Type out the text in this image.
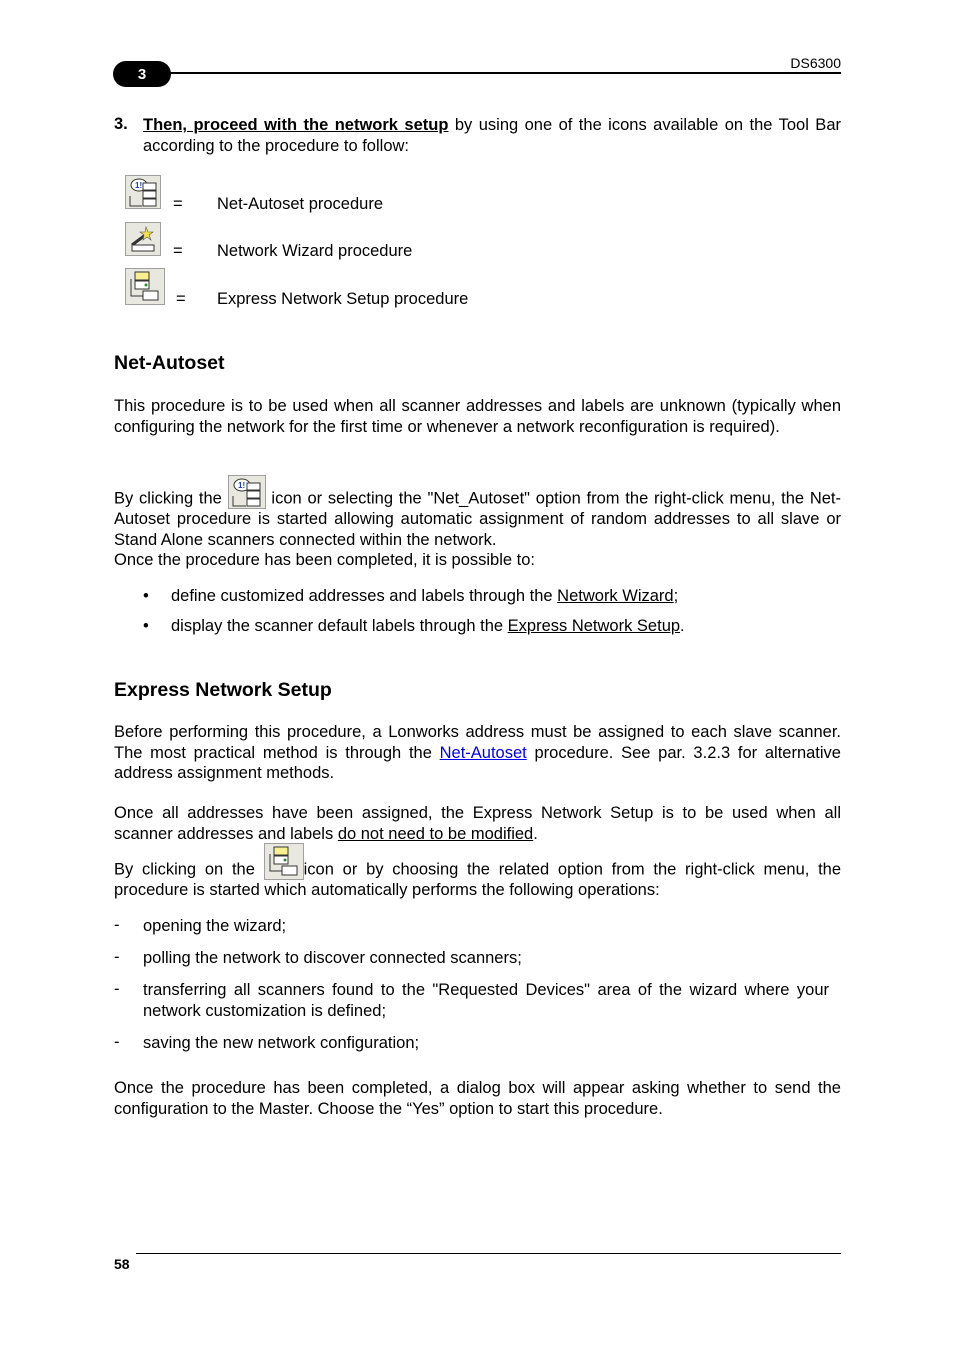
3
DS6300
3. Then, proceed with the network setup by using one of the icons available on the Tool Bar according to the procedure to follow:
1!
= Net-Autoset procedure
= Network Wizard procedure
= Express Network Setup procedure
Net-Autoset
This procedure is to be used when all scanner addresses and labels are unknown (typically when configuring the network for the first time or whenever a network reconfiguration is required).
By clicking the
1!
icon or selecting the "Net_Autoset" option from the right-click menu, the Net-Autoset procedure is started allowing automatic assignment of random addresses to all slave or Stand Alone scanners connected within the network.
Once the procedure has been completed, it is possible to:
• define customized addresses and labels through the Network Wizard;
• display the scanner default labels through the Express Network Setup.
Express Network Setup
Before performing this procedure, a Lonworks address must be assigned to each slave scanner. The most practical method is through the Net-Autoset procedure. See par. 3.2.3 for alternative address assignment methods.
Once all addresses have been assigned, the Express Network Setup is to be used when all scanner addresses and labels do not need to be modified.
By clicking on the icon or by choosing the related option from the right-click menu, the procedure is started which automatically performs the following operations:
- opening the wizard;
- polling the network to discover connected scanners;
- transferring all scanners found to the "Requested Devices" area of the wizard where your network customization is defined;
- saving the new network configuration;
Once the procedure has been completed, a dialog box will appear asking whether to send the configuration to the Master. Choose the “Yes” option to start this procedure.
58
